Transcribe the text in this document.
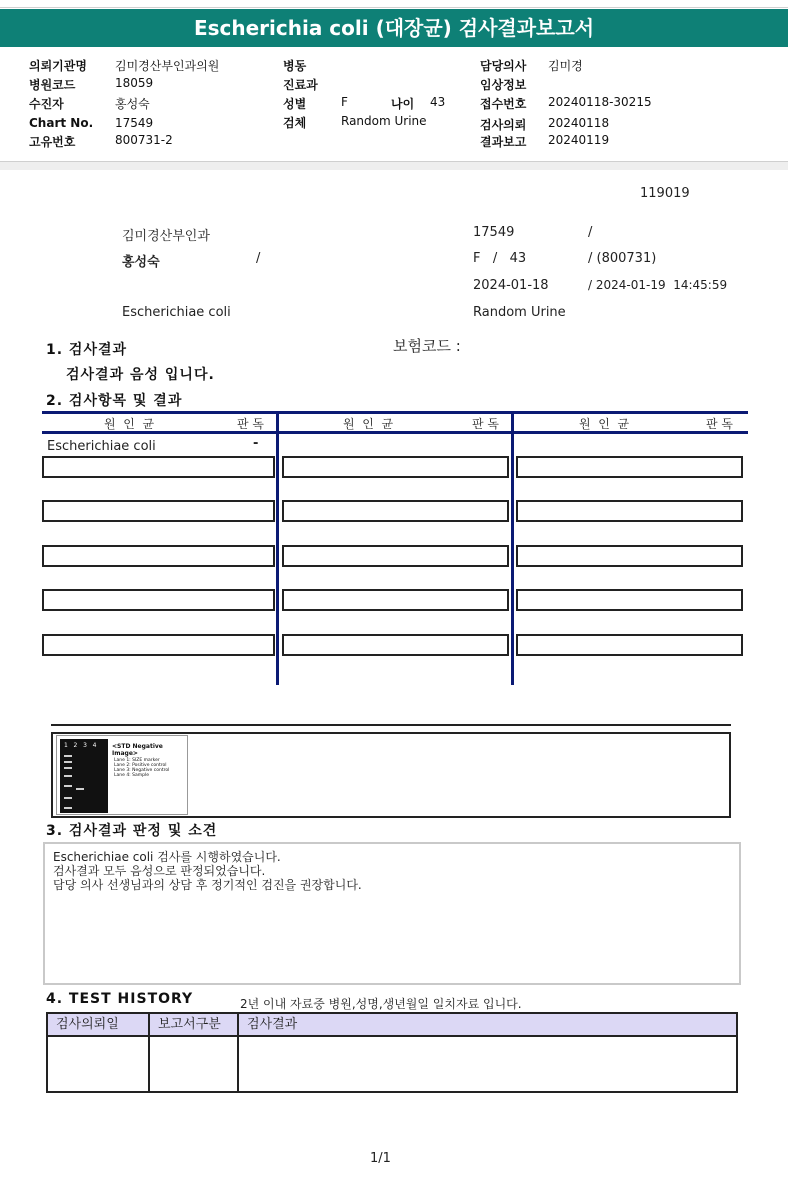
Escherichia coli (대장균) 검사결과보고서
의뢰기관명 김미경산부인과의원
병원코드	18059
수진자	홍성숙
Chart No. 17549
고유번호	800731-2
병동
진료과
성별	F	나이 43
검체	Random Urine
담당의사 김미경
임상정보
접수번호 20240118-30215
검사의뢰 20240118
결과보고 20240119
119019
김미경산부인과	17549	/
홍성숙	/	F   /   43	/ (800731)
2024-01-18	/ 2024-01-19  14:45:59
Escherichiae coli	Random Urine
1. 검사결과	보험코드 :
검사결과 음성 입니다.
2. 검사항목 및 결과
원  인  균	판 독	원  인  균	판 독	원  인  균	판 독
Escherichiae coli	-
1   2   3   4	<STD Negative Image>
Lane 1: SIZE marker
Lane 2: Positive control
Lane 3: Negative control
Lane 4: Sample
3. 검사결과 판정 및 소견
Escherichiae coli 검사를 시행하였습니다.
검사결과 모두 음성으로 판정되었습니다.
담당 의사 선생님과의 상담 후 정기적인 검진을 권장합니다.
4. TEST HISTORY	2년 이내 자료중 병원,성명,생년월일 일치자료 입니다.
검사의뢰일	보고서구분	검사결과
1/1
